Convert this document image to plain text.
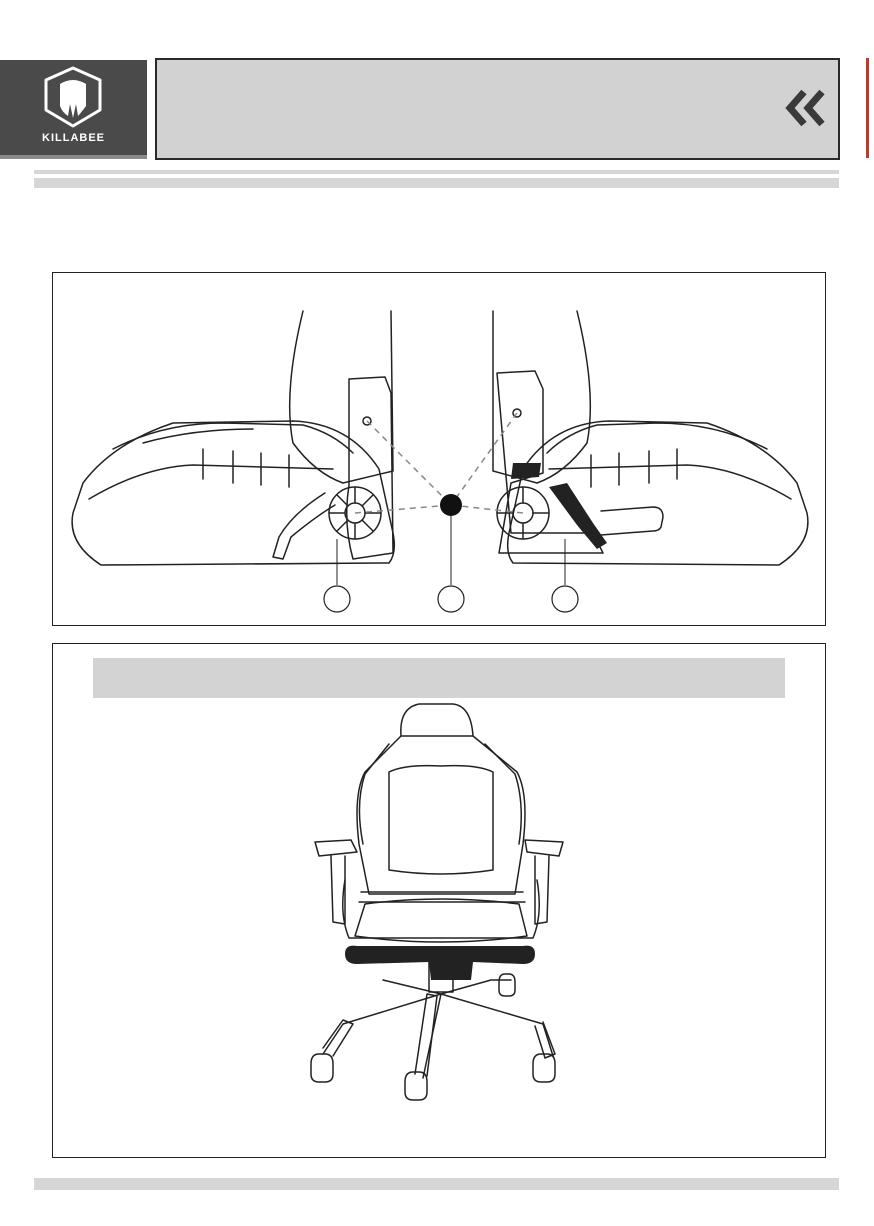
KILLABEE
